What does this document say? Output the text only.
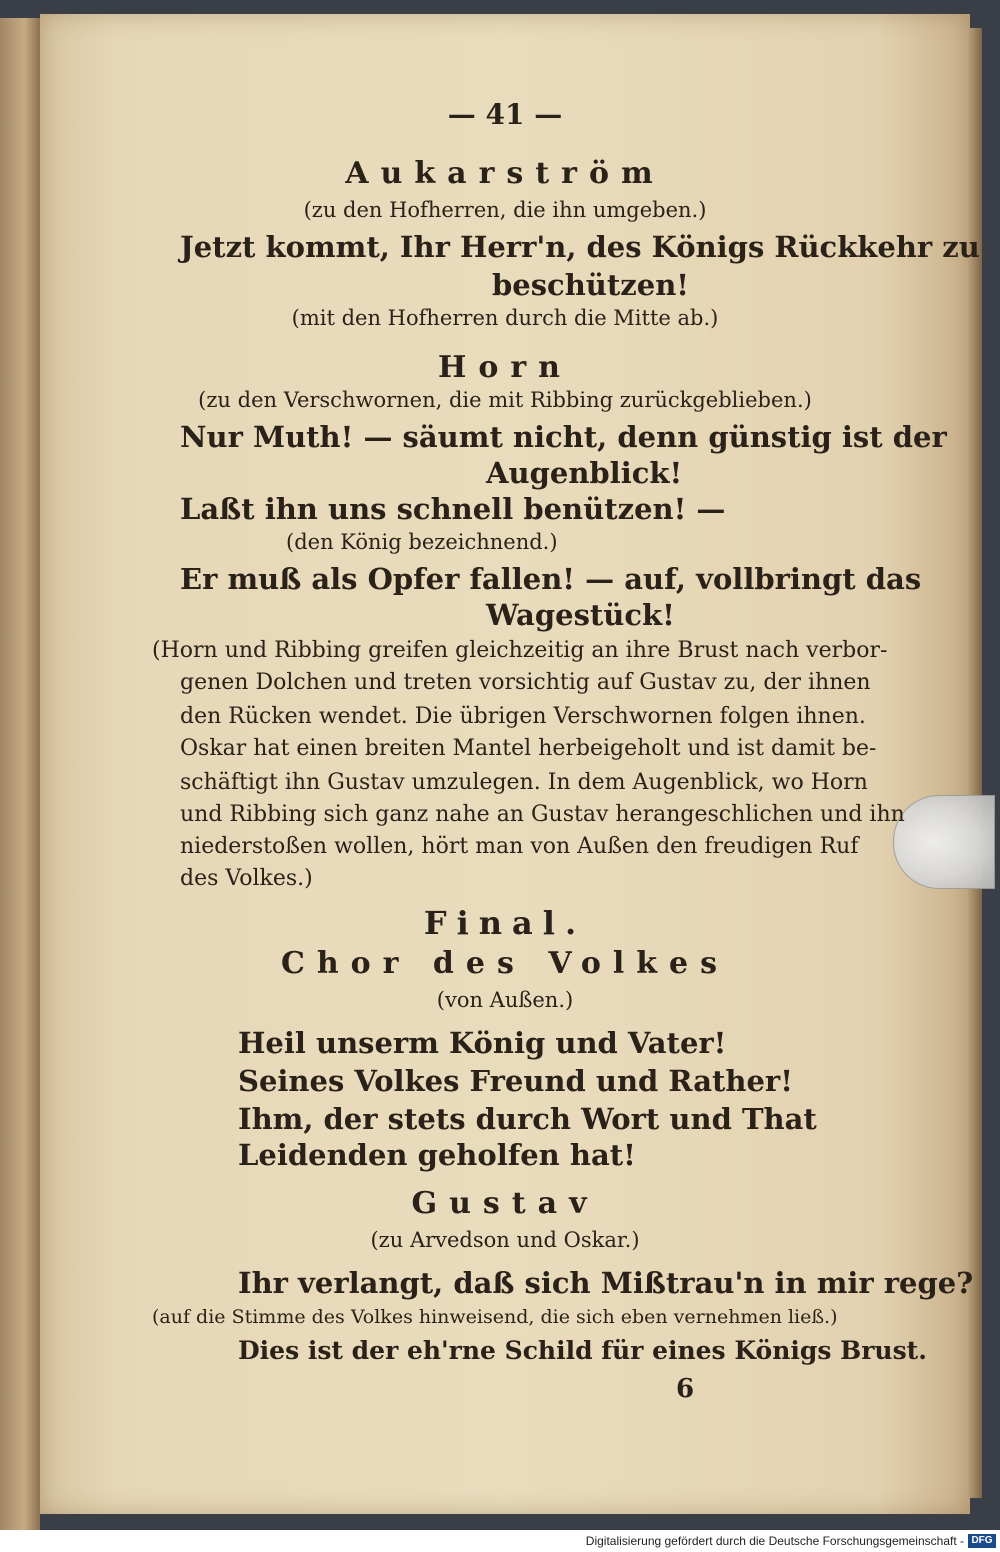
— 41 —
Aukarström
(zu den Hofherren, die ihn umgeben.)
Jetzt kommt, Ihr Herr'n, des Königs Rückkehr zu
beschützen!
(mit den Hofherren durch die Mitte ab.)
Horn
(zu den Verschwornen, die mit Ribbing zurückgeblieben.)
Nur Muth! — säumt nicht, denn günstig ist der
Augenblick!
Laßt ihn uns schnell benützen! —
(den König bezeichnend.)
Er muß als Opfer fallen! — auf, vollbringt das
Wagestück!
(Horn und Ribbing greifen gleichzeitig an ihre Brust nach verbor-
genen Dolchen und treten vorsichtig auf Gustav zu, der ihnen
den Rücken wendet. Die übrigen Verschwornen folgen ihnen.
Oskar hat einen breiten Mantel herbeigeholt und ist damit be-
schäftigt ihn Gustav umzulegen. In dem Augenblick, wo Horn
und Ribbing sich ganz nahe an Gustav herangeschlichen und ihn
niederstoßen wollen, hört man von Außen den freudigen Ruf
des Volkes.)
Final.
Chor des Volkes
(von Außen.)
Heil unserm König und Vater!
Seines Volkes Freund und Rather!
Ihm, der stets durch Wort und That
Leidenden geholfen hat!
Gustav
(zu Arvedson und Oskar.)
Ihr verlangt, daß sich Mißtrau'n in mir rege?
(auf die Stimme des Volkes hinweisend, die sich eben vernehmen ließ.)
Dies ist der eh'rne Schild für eines Königs Brust.
6
Digitalisierung gefördert durch die Deutsche Forschungsgemeinschaft - DFG
